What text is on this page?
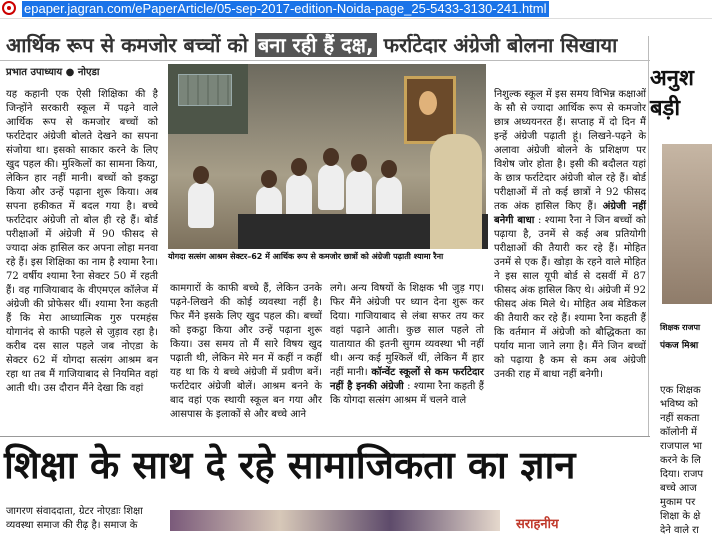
epaper.jagran.com/ePaperArticle/05-sep-2017-edition-Noida-page_25-5433-3130-241.html
आर्थिक रूप से कमजोर बच्चों को बना रही हैं दक्ष, फर्राटेदार अंग्रेजी बोलना सिखाया
प्रभात उपाध्याय ● नोएडा

यह कहानी एक ऐसी शिक्षिका की है जिन्होंने सरकारी स्कूल में पढ़ने वाले आर्थिक रूप से कमजोर बच्चों को फर्राटेदार अंग्रेजी बोलते देखने का सपना संजोया था। इसको साकार करने के लिए खुद पहल की। मुश्किलों का सामना किया, लेकिन हार नहीं मानी। बच्चों को इकट्ठा किया और उन्हें पढ़ाना शुरू किया। अब सपना हकीकत में बदल गया है। बच्चे फर्राटेदार अंग्रेजी तो बोल ही रहे हैं। बोर्ड परीक्षाओं में अंग्रेजी में 90 फीसद से ज्यादा अंक हासिल कर अपना लोहा मनवा रहे हैं। इस शिक्षिका का नाम है श्यामा रैना। 72 वर्षीय श्यामा रैना सेक्टर 50 में रहती हैं। वह गाजियाबाद के वीएमएल कॉलेज में अंग्रेजी की प्रोफेसर थीं। श्यामा रैना कहती हैं कि मेरा आध्यात्मिक गुरु परमहंस योगानंद से काफी पहले से जुड़ाव रहा है। करीब दस साल पहले जब नोएडा के सेक्टर 62 में योगदा सत्संग आश्रम बन रहा था तब मैं गाजियाबाद से नियमित वहां आती थी। उस दौरान मैंने देखा कि वहां

योगदा सत्संग आश्रम सेक्टर–62 में आर्थिक रूप से कमजोर छात्रों को अंग्रेजी पढ़ाती श्यामा रैना

कामगारों के काफी बच्चे हैं, लेकिन उनके पढ़ने-लिखने की कोई व्यवस्था नहीं है। फिर मैंने इसके लिए खुद पहल की। बच्चों को इकट्ठा किया और उन्हें पढ़ाना शुरू किया। उस समय तो मैं सारे विषय खुद पढ़ाती थी, लेकिन मेरे मन में कहीं न कहीं यह था कि ये बच्चे अंग्रेजी में प्रवीण बनें। फर्राटेदार अंग्रेजी बोलें। आश्रम बनने के बाद वहां एक स्थायी स्कूल बन गया और आसपास के इलाकों से और बच्चे आने

लगे। अन्य विषयों के शिक्षक भी जुड़ गए। फिर मैंने अंग्रेजी पर ध्यान देना शुरू कर दिया। गाजियाबाद से लंबा सफर तय कर वहां पढ़ाने आती। कुछ साल पहले तो यातायात की इतनी सुगम व्यवस्था भी नहीं थी। अन्य कई मुश्किलें थीं, लेकिन मैं हार नहीं मानी। कॉन्वेंट स्कूलों से कम फर्राटेदार नहीं है इनकी अंग्रेजी : श्यामा रैना कहती हैं कि योगदा सत्संग आश्रम में चलने वाले

निशुल्क स्कूल में इस समय विभिन्न कक्षाओं के सौ से ज्यादा आर्थिक रूप से कमजोर छात्र अध्ययनरत हैं। सप्ताह में दो दिन मैं इन्हें अंग्रेजी पढ़ाती हूं। लिखने-पढ़ने के अलावा अंग्रेजी बोलने के प्रशिक्षण पर विशेष जोर होता है। इसी की बदौलत यहां के छात्र फर्राटेदार अंग्रेजी बोल रहे हैं। बोर्ड परीक्षाओं में तो कई छात्रों ने 92 फीसद तक अंक हासिल किए हैं। अंग्रेजी नहीं बनेगी बाधा : श्यामा रैना ने जिन बच्चों को पढ़ाया है, उनमें से कई अब प्रतियोगी परीक्षाओं की तैयारी कर रहे हैं। मोहित उनमें से एक हैं। खोड़ा के रहने वाले मोहित ने इस साल यूपी बोर्ड से दसवीं में 87 फीसद अंक हासिल किए थे। अंग्रेजी में 92 फीसद अंक मिले थे। मोहित अब मेडिकल की तैयारी कर रहे हैं। श्यामा रैना कहती हैं कि वर्तमान में अंग्रेजी को बौद्धिकता का पर्याय माना जाने लगा है। मैंने जिन बच्चों को पढ़ाया है कम से कम अब अंग्रेजी उनकी राह में बाधा नहीं बनेगी।

अनुश
बड़ी
शिक्षक राजपा
पंकज मिश्रा
एक शिक्षक भविष्य को नहीं सकता कॉलोनी में राजपाल भा करने के लि दिया। राजप बच्चे आज मुकाम पर शिक्षा के क्षे देने वाले रा
शिक्षा के साथ दे रहे सामाजिकता का ज्ञान
जागरण संवाददाता, ग्रेटर नोएडाः शिक्षा व्यवस्था समाज की रीढ़ है। समाज के	सराहनीय
